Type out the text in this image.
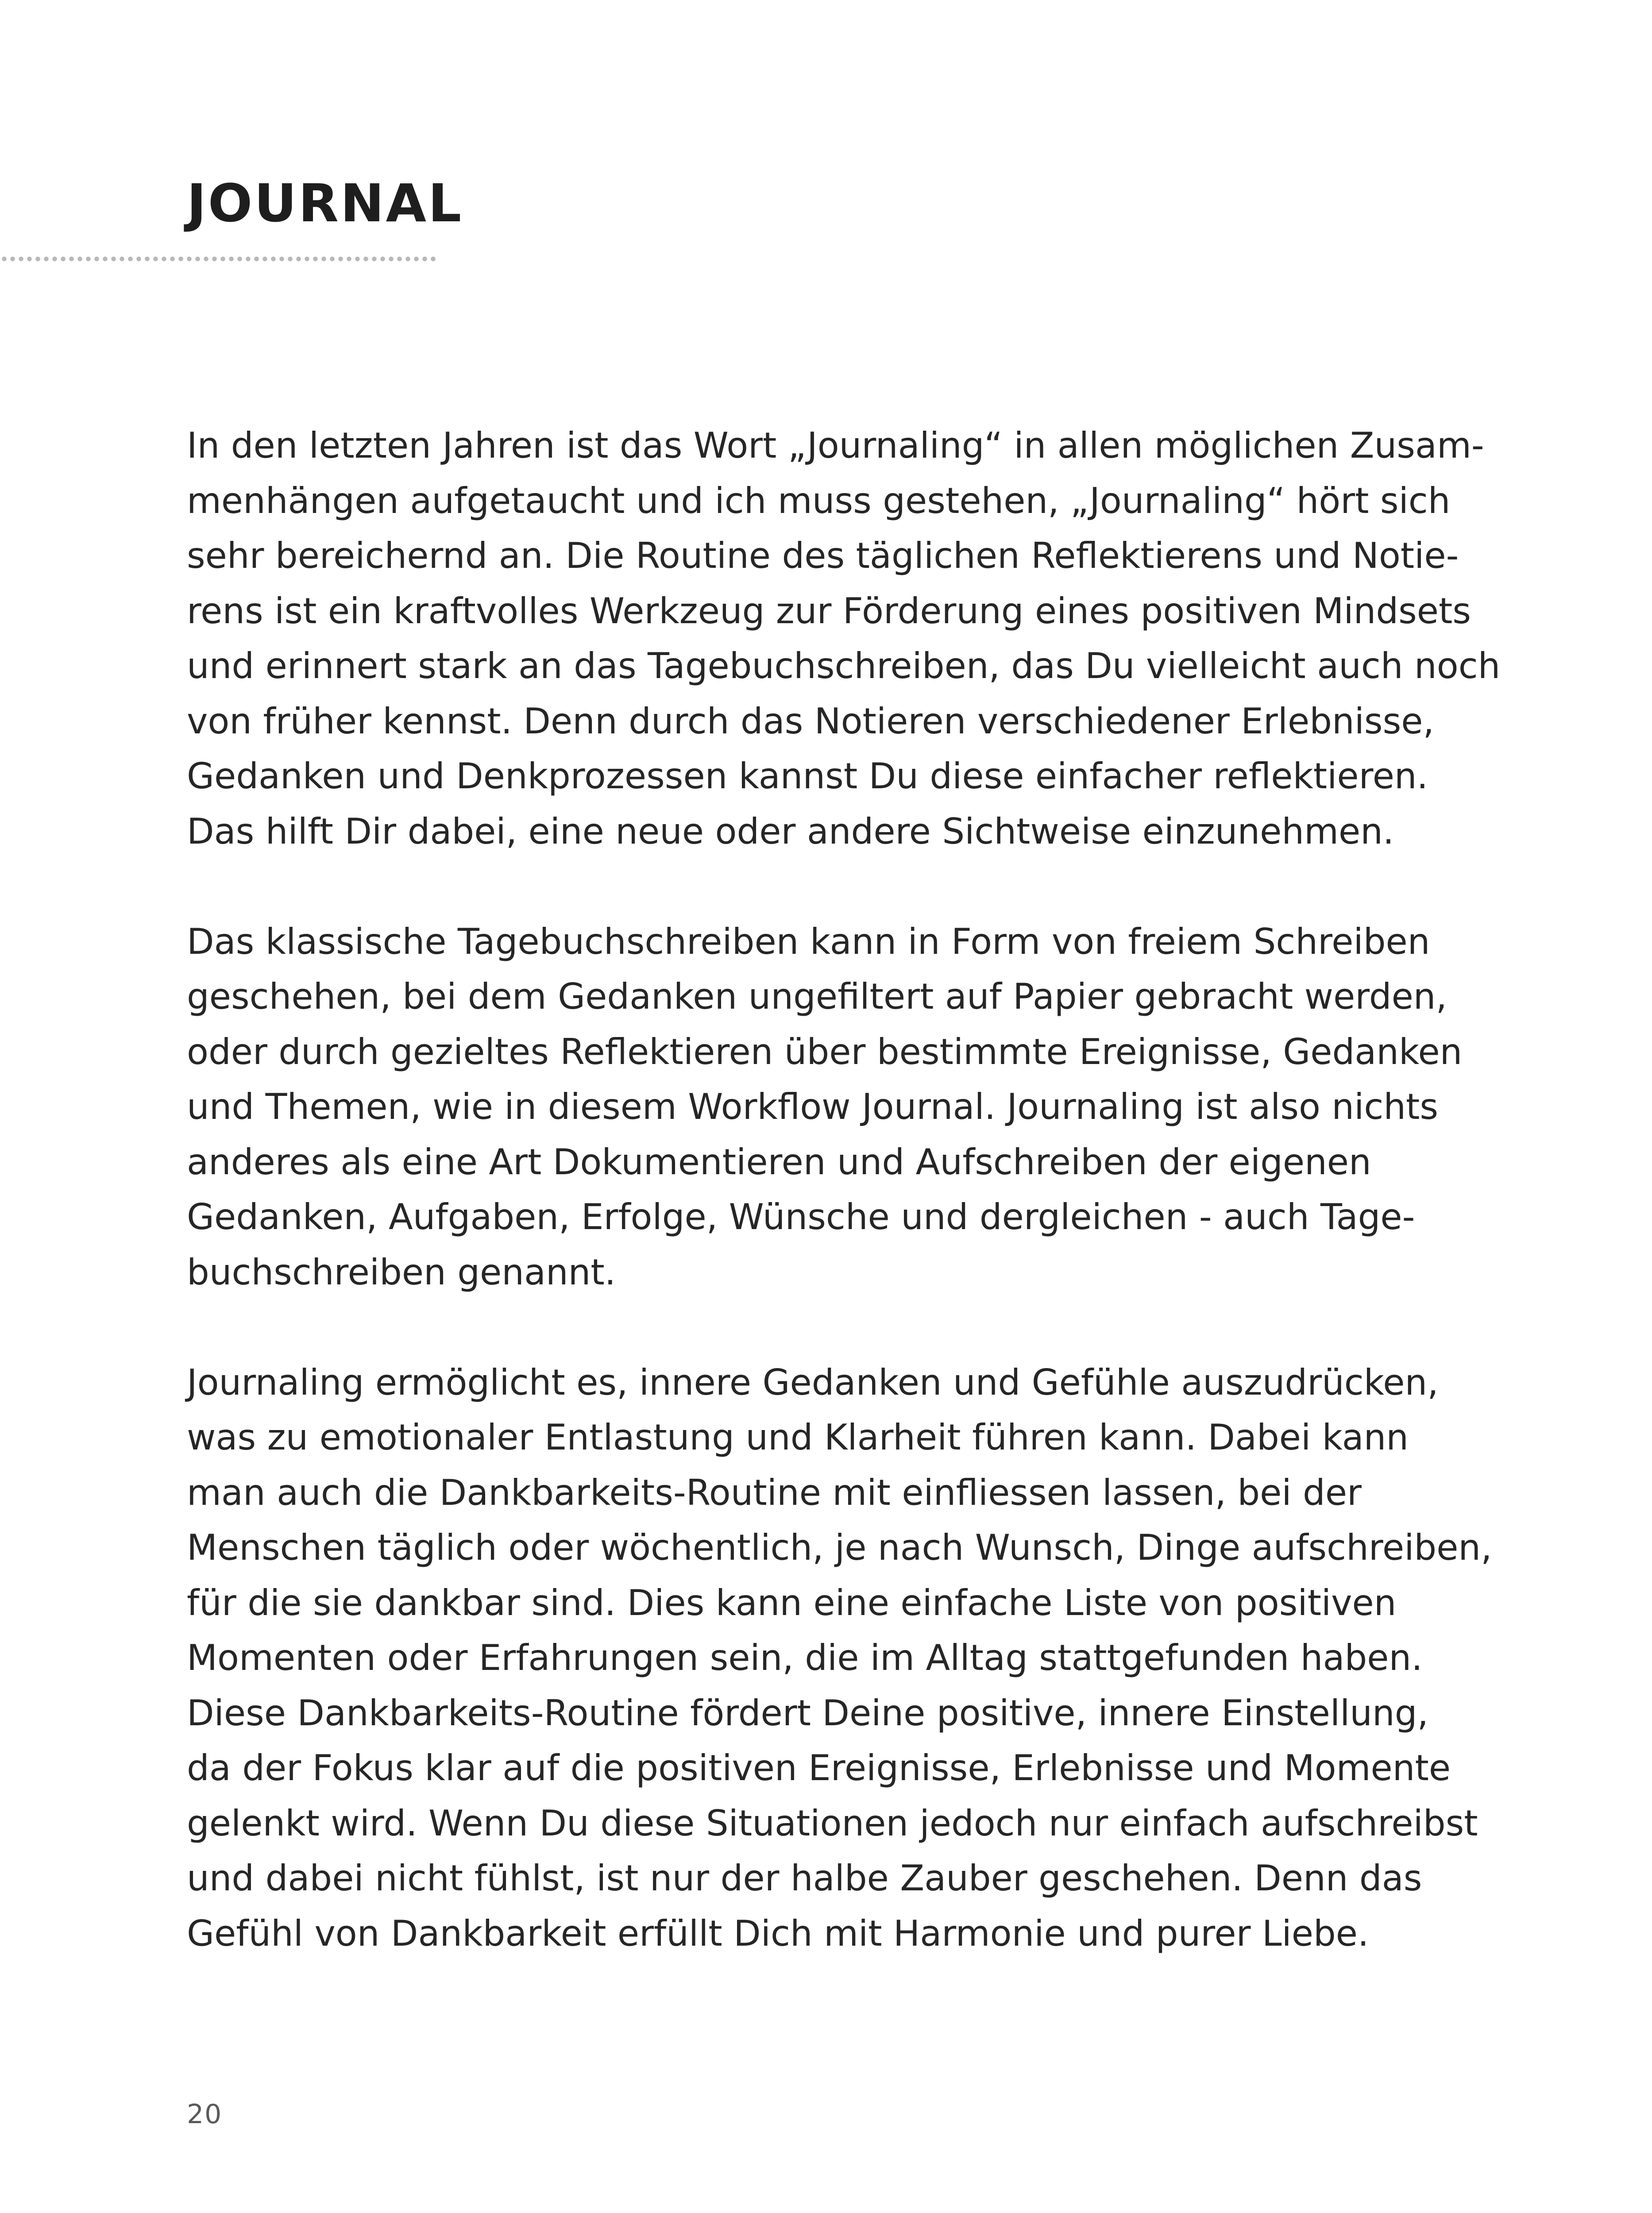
JOURNAL

In den letzten Jahren ist das Wort „Journaling“ in allen möglichen Zusam-
menhängen aufgetaucht und ich muss gestehen, „Journaling“ hört sich
sehr bereichernd an. Die Routine des täglichen Reflektierens und Notie-
rens ist ein kraftvolles Werkzeug zur Förderung eines positiven Mindsets
und erinnert stark an das Tagebuchschreiben, das Du vielleicht auch noch
von früher kennst. Denn durch das Notieren verschiedener Erlebnisse,
Gedanken und Denkprozessen kannst Du diese einfacher reflektieren.
Das hilft Dir dabei, eine neue oder andere Sichtweise einzunehmen.

Das klassische Tagebuchschreiben kann in Form von freiem Schreiben
geschehen, bei dem Gedanken ungefiltert auf Papier gebracht werden,
oder durch gezieltes Reflektieren über bestimmte Ereignisse, Gedanken
und Themen, wie in diesem Workflow Journal. Journaling ist also nichts
anderes als eine Art Dokumentieren und Aufschreiben der eigenen
Gedanken, Aufgaben, Erfolge, Wünsche und dergleichen - auch Tage-
buchschreiben genannt.

Journaling ermöglicht es, innere Gedanken und Gefühle auszudrücken,
was zu emotionaler Entlastung und Klarheit führen kann. Dabei kann
man auch die Dankbarkeits-Routine mit einfliessen lassen, bei der
Menschen täglich oder wöchentlich, je nach Wunsch, Dinge aufschreiben,
für die sie dankbar sind. Dies kann eine einfache Liste von positiven
Momenten oder Erfahrungen sein, die im Alltag stattgefunden haben.
Diese Dankbarkeits-Routine fördert Deine positive, innere Einstellung,
da der Fokus klar auf die positiven Ereignisse, Erlebnisse und Momente
gelenkt wird. Wenn Du diese Situationen jedoch nur einfach aufschreibst
und dabei nicht fühlst, ist nur der halbe Zauber geschehen. Denn das
Gefühl von Dankbarkeit erfüllt Dich mit Harmonie und purer Liebe.

20
